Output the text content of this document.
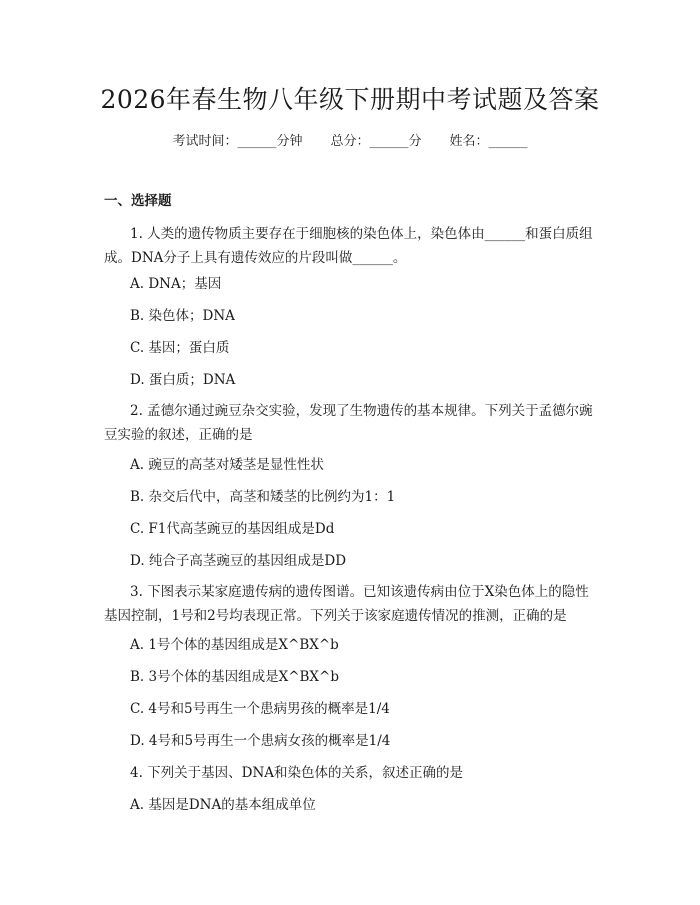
2026年春生物八年级下册期中考试题及答案
考试时间：______分钟 总分：______分 姓名：______
一、选择题
1. 人类的遗传物质主要存在于细胞核的染色体上，染色体由______和蛋白质组成。DNA分子上具有遗传效应的片段叫做______。
A. DNA；基因
B. 染色体；DNA
C. 基因；蛋白质
D. 蛋白质；DNA
2. 孟德尔通过豌豆杂交实验，发现了生物遗传的基本规律。下列关于孟德尔豌豆实验的叙述，正确的是
A. 豌豆的高茎对矮茎是显性性状
B. 杂交后代中，高茎和矮茎的比例约为1：1
C. F1代高茎豌豆的基因组成是Dd
D. 纯合子高茎豌豆的基因组成是DD
3. 下图表示某家庭遗传病的遗传图谱。已知该遗传病由位于X染色体上的隐性基因控制，1号和2号均表现正常。下列关于该家庭遗传情况的推测，正确的是
A. 1号个体的基因组成是X^BX^b
B. 3号个体的基因组成是X^BX^b
C. 4号和5号再生一个患病男孩的概率是1/4
D. 4号和5号再生一个患病女孩的概率是1/4
4. 下列关于基因、DNA和染色体的关系，叙述正确的是
A. 基因是DNA的基本组成单位
